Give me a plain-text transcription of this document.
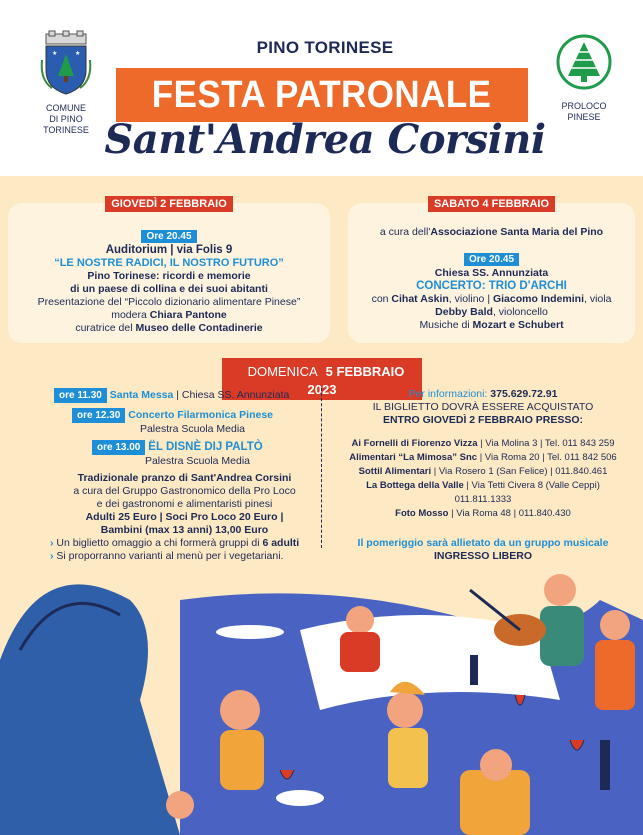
★	★
COMUNE
DI PINO TORINESE
PROLOCO
PINESE
PINO TORINESE
FESTA PATRONALE
Sant'Andrea Corsini
GIOVEDÌ 2 FEBBRAIO
Ore 20.45
Auditorium | via Folis 9
“LE NOSTRE RADICI, IL NOSTRO FUTURO”
Pino Torinese: ricordi e memorie
di un paese di collina e dei suoi abitanti
Presentazione del “Piccolo dizionario alimentare Pinese”
modera Chiara Pantone
curatrice del Museo delle Contadinerie
SABATO 4 FEBBRAIO
a cura dell'Associazione Santa Maria del Pino
Ore 20.45
Chiesa SS. Annunziata
CONCERTO: TRIO D'ARCHI
con Cihat Askin, violino | Giacomo Indemini, viola
Debby Bald, violoncello
Musiche di Mozart e Schubert
DOMENICA5 FEBBRAIO 2023
ore 11.30 Santa Messa | Chiesa SS. Annunziata
ore 12.30 Concerto Filarmonica Pinese
Palestra Scuola Media
ore 13.00 ËL DISNÈ DIJ PALTÒ
Palestra Scuola Media
Tradizionale pranzo di Sant'Andrea Corsini
a cura del Gruppo Gastronomico della Pro Loco
e dei gastronomi e alimentaristi pinesi
Adulti 25 Euro | Soci Pro Loco 20 Euro |
Bambini (max 13 anni) 13,00 Euro
› Un biglietto omaggio a chi formerà gruppi di 6 adulti
› Si proporranno varianti al menù per i vegetariani.
Per informazioni: 375.629.72.91
IL BIGLIETTO DOVRÀ ESSERE ACQUISTATO
ENTRO GIOVEDÌ 2 FEBBRAIO PRESSO:
Ai Fornelli di Fiorenzo Vizza | Via Molina 3 | Tel. 011 843 259
Alimentari “La Mimosa” Snc | Via Roma 20 | Tel. 011 842 506
Sottil Alimentari | Via Rosero 1 (San Felice) | 011.840.461
La Bottega della Valle | Via Tetti Civera 8 (Valle Ceppi)
011.811.1333
Foto Mosso | Via Roma 48 | 011.840.430
Il pomeriggio sarà allietato da un gruppo musicale
INGRESSO LIBERO
